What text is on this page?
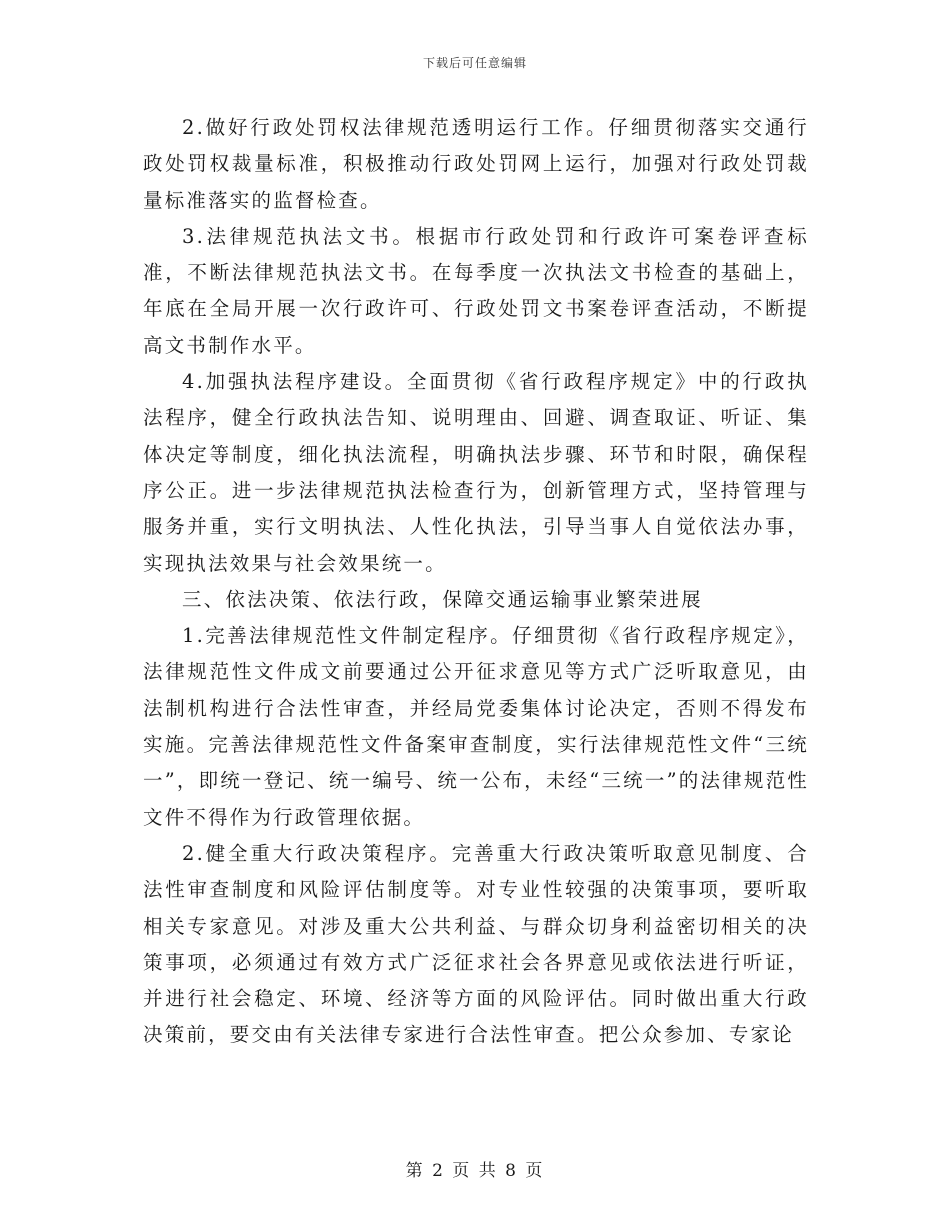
下载后可任意编辑

2.做好行政处罚权法律规范透明运行工作。仔细贯彻落实交通行政处罚权裁量标准，积极推动行政处罚网上运行，加强对行政处罚裁量标准落实的监督检查。

3.法律规范执法文书。根据市行政处罚和行政许可案卷评查标准，不断法律规范执法文书。在每季度一次执法文书检查的基础上，年底在全局开展一次行政许可、行政处罚文书案卷评查活动，不断提高文书制作水平。

4.加强执法程序建设。全面贯彻《省行政程序规定》中的行政执法程序，健全行政执法告知、说明理由、回避、调查取证、听证、集体决定等制度，细化执法流程，明确执法步骤、环节和时限，确保程序公正。进一步法律规范执法检查行为，创新管理方式，坚持管理与服务并重，实行文明执法、人性化执法，引导当事人自觉依法办事，实现执法效果与社会效果统一。

三、依法决策、依法行政，保障交通运输事业繁荣进展

1.完善法律规范性文件制定程序。仔细贯彻《省行政程序规定》，法律规范性文件成文前要通过公开征求意见等方式广泛听取意见，由法制机构进行合法性审查，并经局党委集体讨论决定，否则不得发布实施。完善法律规范性文件备案审查制度，实行法律规范性文件“三统一”，即统一登记、统一编号、统一公布，未经“三统一”的法律规范性文件不得作为行政管理依据。

2.健全重大行政决策程序。完善重大行政决策听取意见制度、合法性审查制度和风险评估制度等。对专业性较强的决策事项，要听取相关专家意见。对涉及重大公共利益、与群众切身利益密切相关的决策事项，必须通过有效方式广泛征求社会各界意见或依法进行听证，并进行社会稳定、环境、经济等方面的风险评估。同时做出重大行政决策前，要交由有关法律专家进行合法性审查。把公众参加、专家论

第 2 页 共 8 页
